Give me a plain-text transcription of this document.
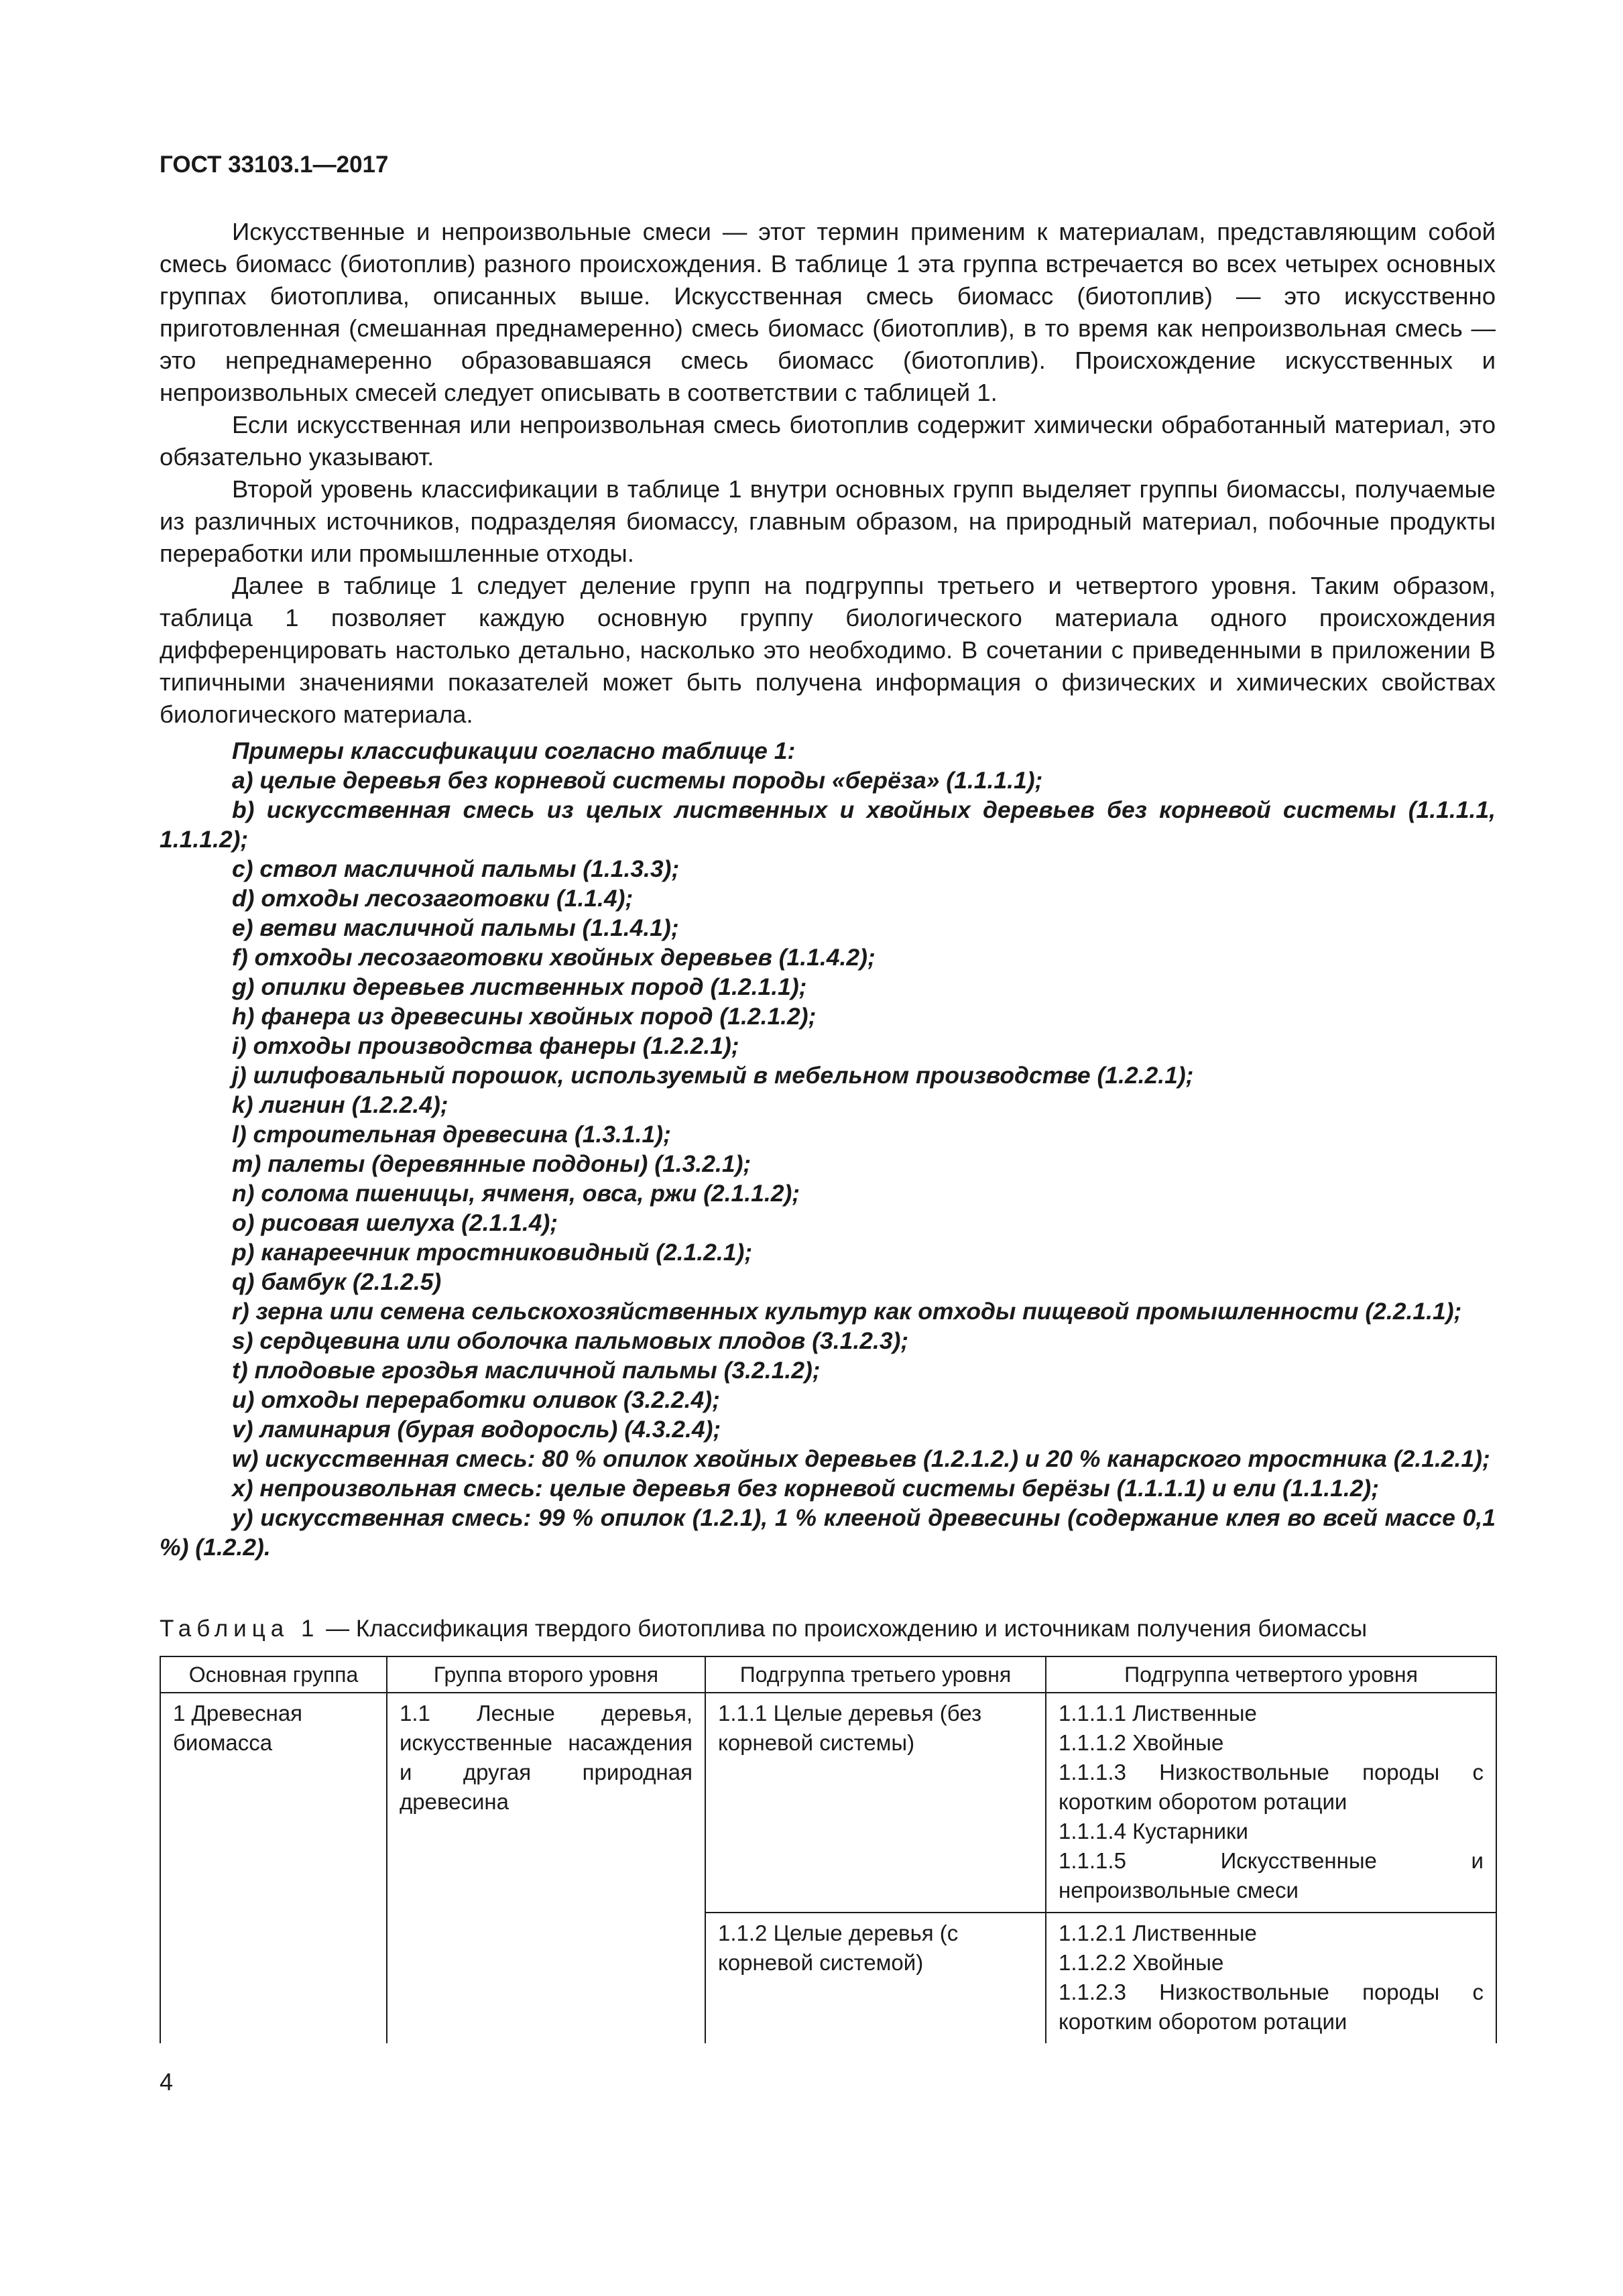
ГОСТ 33103.1—2017

Искусственные и непроизвольные смеси — этот термин применим к материалам, представляющим собой смесь биомасс (биотоплив) разного происхождения. В таблице 1 эта группа встречается во всех четырех основных группах биотоплива, описанных выше. Искусственная смесь биомасс (биотоплив) — это искусственно приготовленная (смешанная преднамеренно) смесь биомасс (биотоплив), в то время как непроизвольная смесь — это непреднамеренно образовавшаяся смесь биомасс (биотоплив). Происхождение искусственных и непроизвольных смесей следует описывать в соответствии с таблицей 1.

Если искусственная или непроизвольная смесь биотоплив содержит химически обработанный материал, это обязательно указывают.

Второй уровень классификации в таблице 1 внутри основных групп выделяет группы биомассы, получаемые из различных источников, подразделяя биомассу, главным образом, на природный материал, побочные продукты переработки или промышленные отходы.

Далее в таблице 1 следует деление групп на подгруппы третьего и четвертого уровня. Таким образом, таблица 1 позволяет каждую основную группу биологического материала одного происхождения дифференцировать настолько детально, насколько это необходимо. В сочетании с приведенными в приложении В типичными значениями показателей может быть получена информация о физических и химических свойствах биологического материала.

Примеры классификации согласно таблице 1:

a) целые деревья без корневой системы породы «берёза» (1.1.1.1);

b) искусственная смесь из целых лиственных и хвойных деревьев без корневой системы (1.1.1.1, 1.1.1.2);

c) ствол масличной пальмы (1.1.3.3);

d) отходы лесозаготовки (1.1.4);

e) ветви масличной пальмы (1.1.4.1);

f) отходы лесозаготовки хвойных деревьев (1.1.4.2);

g) опилки деревьев лиственных пород (1.2.1.1);

h) фанера из древесины хвойных пород (1.2.1.2);

i) отходы производства фанеры (1.2.2.1);

j) шлифовальный порошок, используемый в мебельном производстве (1.2.2.1);

k) лигнин (1.2.2.4);

l) строительная древесина (1.3.1.1);

m) палеты (деревянные поддоны) (1.3.2.1);

n) солома пшеницы, ячменя, овса, ржи (2.1.1.2);

o) рисовая шелуха (2.1.1.4);

p) канареечник тростниковидный (2.1.2.1);

q) бамбук (2.1.2.5)

r) зерна или семена сельскохозяйственных культур как отходы пищевой промышленности (2.2.1.1);

s) сердцевина или оболочка пальмовых плодов (3.1.2.3);

t) плодовые гроздья масличной пальмы (3.2.1.2);

u) отходы переработки оливок (3.2.2.4);

v) ламинария (бурая водоросль) (4.3.2.4);

w) искусственная смесь: 80 % опилок хвойных деревьев (1.2.1.2.) и 20 % канарского тростника (2.1.2.1);

x) непроизвольная смесь: целые деревья без корневой системы берёзы (1.1.1.1) и ели (1.1.1.2);

y) искусственная смесь: 99 % опилок (1.2.1), 1 % клееной древесины (содержание клея во всей массе 0,1 %) (1.2.2).

Таблица 1 — Классификация твердого биотоплива по происхождению и источникам получения биомассы
Основная группа	Группа второго уровня	Подгруппа третьего уровня	Подгруппа четвертого уровня
1 Древесная биомасса	1.1 Лесные деревья, искусственные насаждения и другая природная древесина	1.1.1 Целые деревья (без корневой системы)	1.1.1.1 Лиственные
1.1.1.2 Хвойные
1.1.1.3 Низкоствольные породы с коротким оборотом ротации
1.1.1.4 Кустарники
1.1.1.5 Искусственные и непроизвольные смеси

		1.1.2 Целые деревья (с корневой системой)	1.1.2.1 Лиственные
1.1.2.2 Хвойные
1.1.2.3 Низкоствольные породы с коротким оборотом ротации
4
